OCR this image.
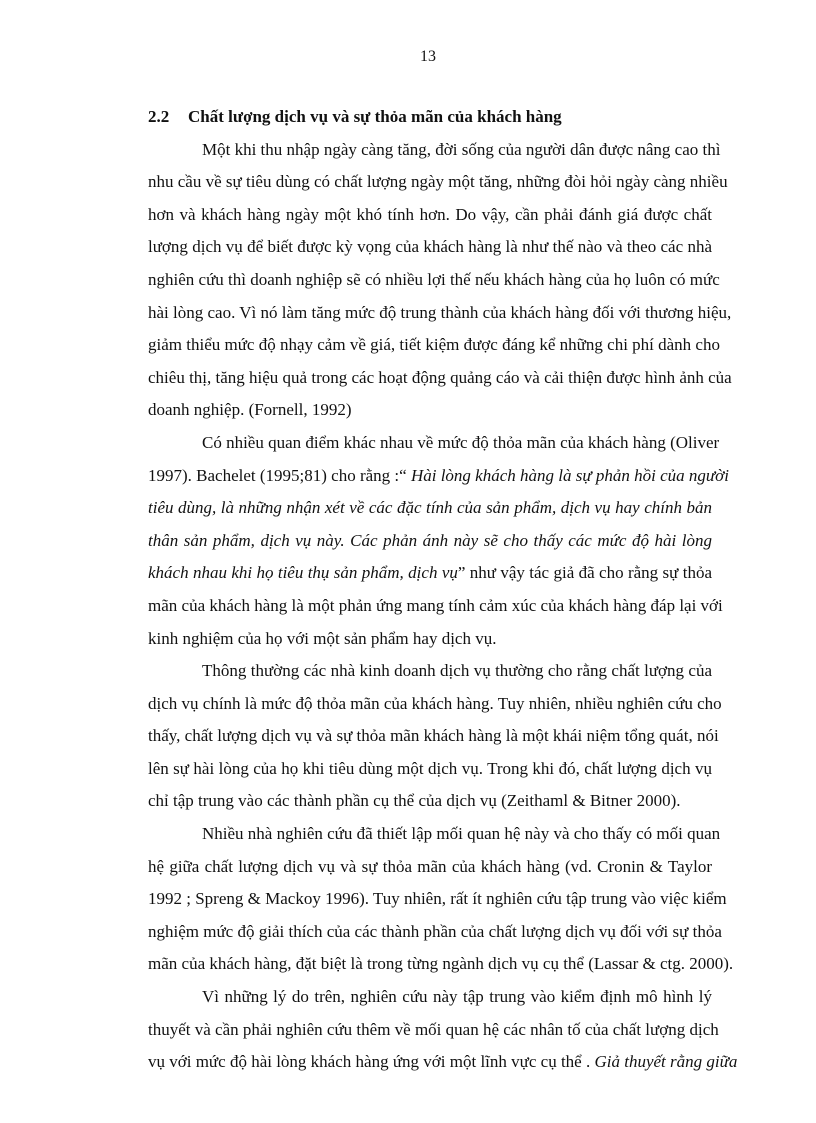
13
2.2 Chất lượng dịch vụ và sự thỏa mãn của khách hàng
Một khi thu nhập ngày càng tăng, đời sống của người dân được nâng cao thì
nhu cầu về sự tiêu dùng có chất lượng ngày một tăng, những đòi hỏi ngày càng nhiều
hơn và khách hàng ngày một khó tính hơn. Do vậy, cần phải đánh giá được chất
lượng dịch vụ để biết được kỳ vọng của khách hàng là như thế nào và theo các nhà
nghiên cứu thì doanh nghiệp sẽ có nhiều lợi thế nếu khách hàng của họ luôn có mức
hài lòng cao. Vì nó làm tăng mức độ trung thành của khách hàng đối với thương hiệu,
giảm thiểu mức độ nhạy cảm về giá, tiết kiệm được đáng kể những chi phí dành cho
chiêu thị, tăng hiệu quả trong các hoạt động quảng cáo và cải thiện được hình ảnh của
doanh nghiệp. (Fornell, 1992)
Có nhiều quan điểm khác nhau về mức độ thỏa mãn của khách hàng (Oliver
1997). Bachelet (1995;81) cho rằng :“ Hài lòng khách hàng là sự phản hồi của người
tiêu dùng, là những nhận xét về các đặc tính của sản phẩm, dịch vụ hay chính bản
thân sản phẩm, dịch vụ này. Các phản ánh này sẽ cho thấy các mức độ hài lòng
khách nhau khi họ tiêu thụ sản phẩm, dịch vụ” như vậy tác giả đã cho rằng sự thỏa
mãn của khách hàng là một phản ứng mang tính cảm xúc của khách hàng đáp lại với
kinh nghiệm của họ với một sản phẩm hay dịch vụ.
Thông thường các nhà kinh doanh dịch vụ thường cho rằng chất lượng của
dịch vụ chính là mức độ thỏa mãn của khách hàng. Tuy nhiên, nhiều nghiên cứu cho
thấy, chất lượng dịch vụ và sự thỏa mãn khách hàng là một khái niệm tổng quát, nói
lên sự hài lòng của họ khi tiêu dùng một dịch vụ. Trong khi đó, chất lượng dịch vụ
chỉ tập trung vào các thành phần cụ thể của dịch vụ (Zeithaml & Bitner 2000).
Nhiều nhà nghiên cứu đã thiết lập mối quan hệ này và cho thấy có mối quan
hệ giữa chất lượng dịch vụ và sự thỏa mãn của khách hàng (vd. Cronin & Taylor
1992 ; Spreng & Mackoy 1996). Tuy nhiên, rất ít nghiên cứu tập trung vào việc kiểm
nghiệm mức độ giải thích của các thành phần của chất lượng dịch vụ đối với sự thỏa
mãn của khách hàng, đặt biệt là trong từng ngành dịch vụ cụ thể (Lassar & ctg. 2000).
Vì những lý do trên, nghiên cứu này tập trung vào kiểm định mô hình lý
thuyết và cần phải nghiên cứu thêm về mối quan hệ các nhân tố của chất lượng dịch
vụ với mức độ hài lòng khách hàng ứng với một lĩnh vực cụ thể . Giả thuyết rằng giữa
